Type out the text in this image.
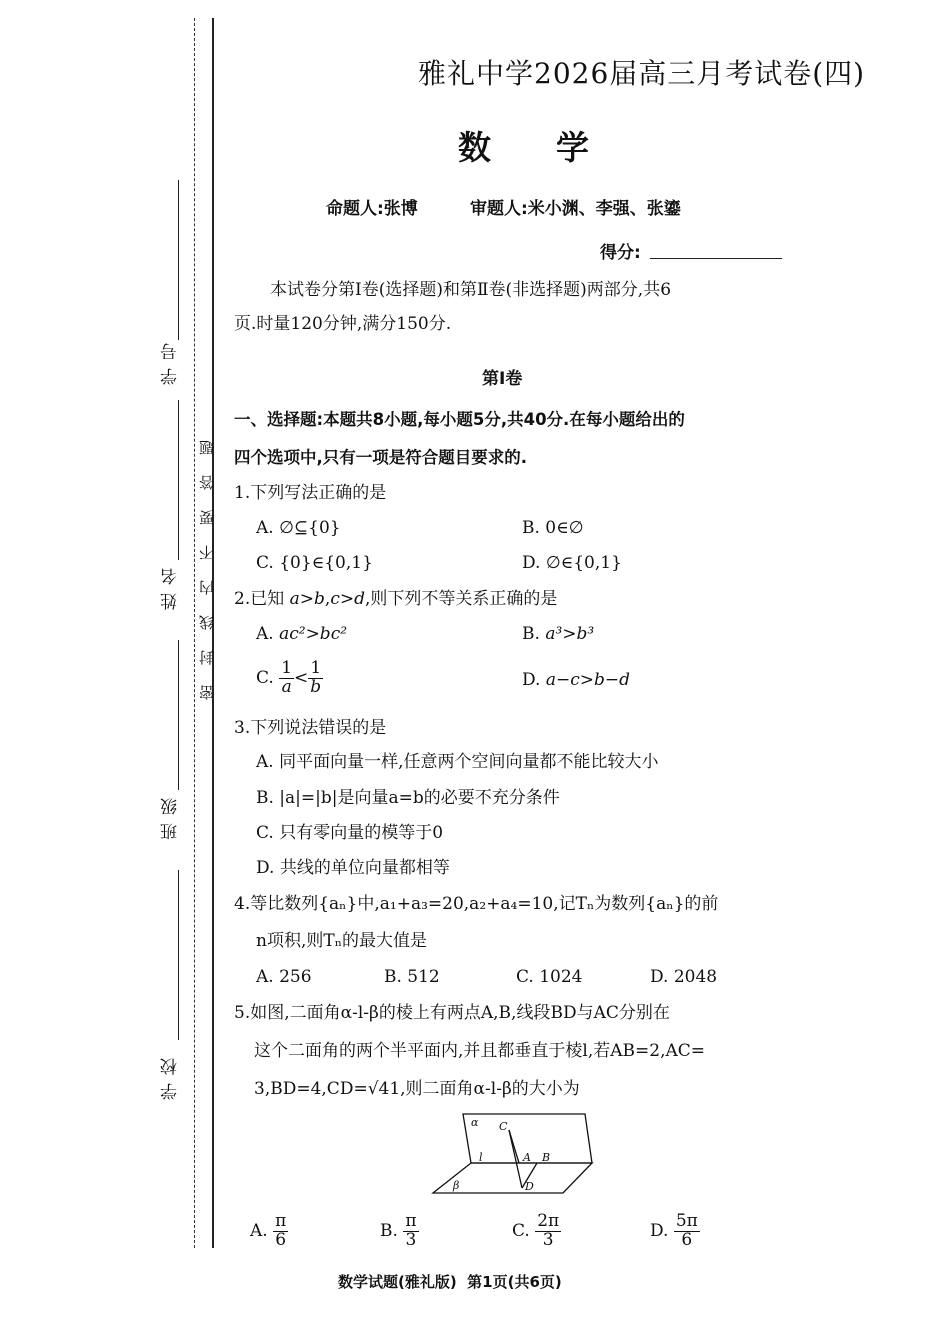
学号
姓名
班级
学校
密封线内不要答题
雅礼中学2026届高三月考试卷(四)
数  学
命题人:张博	审题人:米小渊、李强、张鎏
得分:
本试卷分第Ⅰ卷(选择题)和第Ⅱ卷(非选择题)两部分,共6
页.时量120分钟,满分150分.
第Ⅰ卷
一、选择题:本题共8小题,每小题5分,共40分.在每小题给出的
四个选项中,只有一项是符合题目要求的.
1.下列写法正确的是
A. ∅⊆{0}	B. 0∈∅
C. {0}∈{0,1}	D. ∅∈{0,1}
2.已知 a>b,c>d,则下列不等关系正确的是
A. ac²>bc²	B. a³>b³
C. $\frac{1}{a} < \frac{1}{b}$	D. a−c>b−d
3.下列说法错误的是
A. 同平面向量一样,任意两个空间向量都不能比较大小
B. |a|=|b|是向量a=b的必要不充分条件
C. 只有零向量的模等于0
D. 共线的单位向量都相等
4.等比数列{aₙ}中,a₁+a₃=20,a₂+a₄=10,记Tₙ为数列{aₙ}的前
n项积,则Tₙ的最大值是
A. 256	B. 512	C. 1024	D. 2048
5.如图,二面角α-l-β的棱上有两点A,B,线段BD与AC分别在
这个二面角的两个半平面内,并且都垂直于棱l,若AB=2,AC=
3,BD=4,CD=√41,则二面角α-l-β的大小为
α C
l	A B
D
β
A. $\frac{\pi}{6}$	B. $\frac{\pi}{3}$	C. $\frac{2\pi}{3}$	D. $\frac{5\pi}{6}$
数学试题(雅礼版)  第1页(共6页)
